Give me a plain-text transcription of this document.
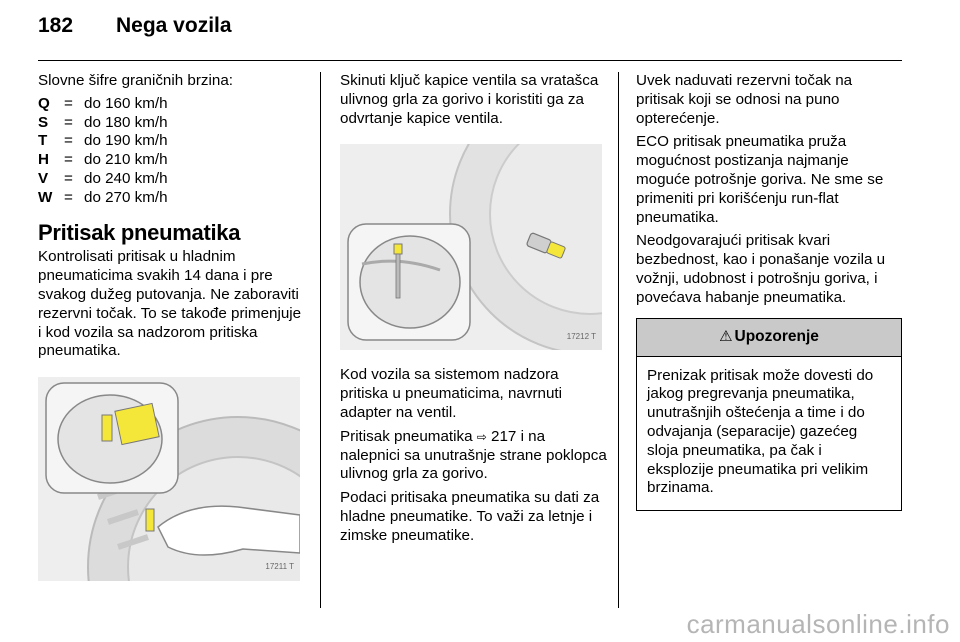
182	Nega vozila

Slovne šifre graničnih brzina:

Q = do 160 km/h
S	= do 180 km/h
T	= do 190 km/h
H = do 210 km/h
V	= do 240 km/h
W = do 270 km/h
Pritisak pneumatika

Kontrolisati pritisak u hladnim pneumaticima svakih 14 dana i pre svakog dužeg putovanja. Ne zaboraviti rezervni točak. To se takođe primenjuje i kod vozila sa nadzorom pritiska pneumatika.

17211 T

Skinuti ključ kapice ventila sa vratašca ulivnog grla za gorivo i koristiti ga za odvrtanje kapice ventila.

17212 T

Kod vozila sa sistemom nadzora pritiska u pneumaticima, navrnuti adapter na ventil.

Pritisak pneumatika ⇨ 217 i na nalepnici sa unutrašnje strane poklopca ulivnog grla za gorivo.

Podaci pritisaka pneumatika su dati za hladne pneumatike. To važi za letnje i zimske pneumatike.

Uvek naduvati rezervni točak na pritisak koji se odnosi na puno opterećenje.

ECO pritisak pneumatika pruža mogućnost postizanja najmanje moguće potrošnje goriva. Ne sme se primeniti pri korišćenju run-flat pneumatika.

Neodgovarajući pritisak kvari bezbednost, kao i ponašanje vozila u vožnji, udobnost i potrošnju goriva, i povećava habanje pneumatika.

⚠ Upozorenje
Prenizak pritisak može dovesti do jakog pregrevanja pneumatika, unutrašnjih oštećenja a time i do odvajanja (separacije) gazećeg sloja pneumatika, pa čak i eksplozije pneumatika pri velikim brzinama.
carmanualsonline.info
